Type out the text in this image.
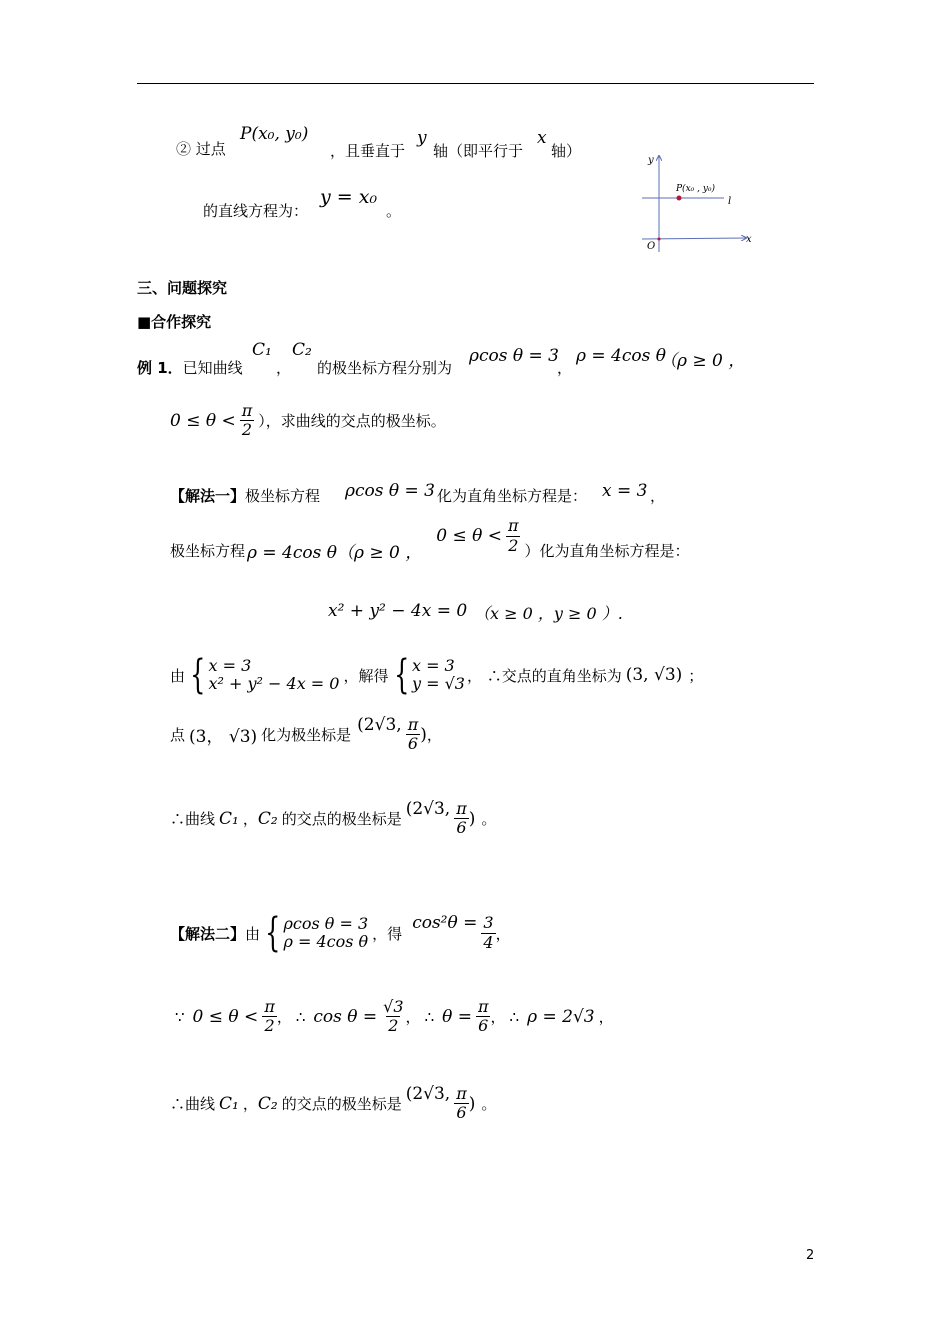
② 过点
P(x₀, y₀)
，且垂直于
y
轴（即平行于
x
轴）
的直线方程为：
y = x₀
。
y
x
O
P(x₀ , y₀)
l
三、问题探究
■合作探究
例 1．已知曲线
C₁
，
C₂
的极坐标方程分别为
ρcos θ = 3
，
ρ = 4cos θ
（ρ ≥ 0 ，
$0 \le \theta < \frac{\pi}{2}$ ），求曲线的交点的极坐标。
【解法一】极坐标方程 ρcos θ = 3 化为直角坐标方程是： x = 3 ，
极坐标方程 ρ = 4cos θ（ρ ≥ 0 ，
$0 \le \theta < \frac{\pi}{2}$ ）化为直角坐标方程是：
x² + y² − 4x = 0 （x ≥ 0 ，y ≥ 0 ）.
由 { x = 3
x² + y² − 4x = 0 ，解得 { x = 3
y = √3 ， ∴交点的直角坐标为 (3, √3) ；
点 (3， √3) 化为极坐标是
(2√3, $\frac{\pi}{6}$ ) ，
∴曲线 C₁ ， C₂ 的交点的极坐标是
(2√3, $\frac{\pi}{6}$ ) 。
【解法二】 由 { ρcos θ = 3
ρ = 4cos θ ，得
$\cos^2\theta = \frac{3}{4}$ ，
∵ $0 \le \theta < \frac{\pi}{2}$ ， ∴ $\cos \theta = \frac{√3}{2}$ ， ∴ $\theta = \frac{\pi}{6}$ ， ∴ ρ = 2√3 ，
∴曲线 C₁ ， C₂ 的交点的极坐标是
(2√3, $\frac{\pi}{6}$ ) 。
2
